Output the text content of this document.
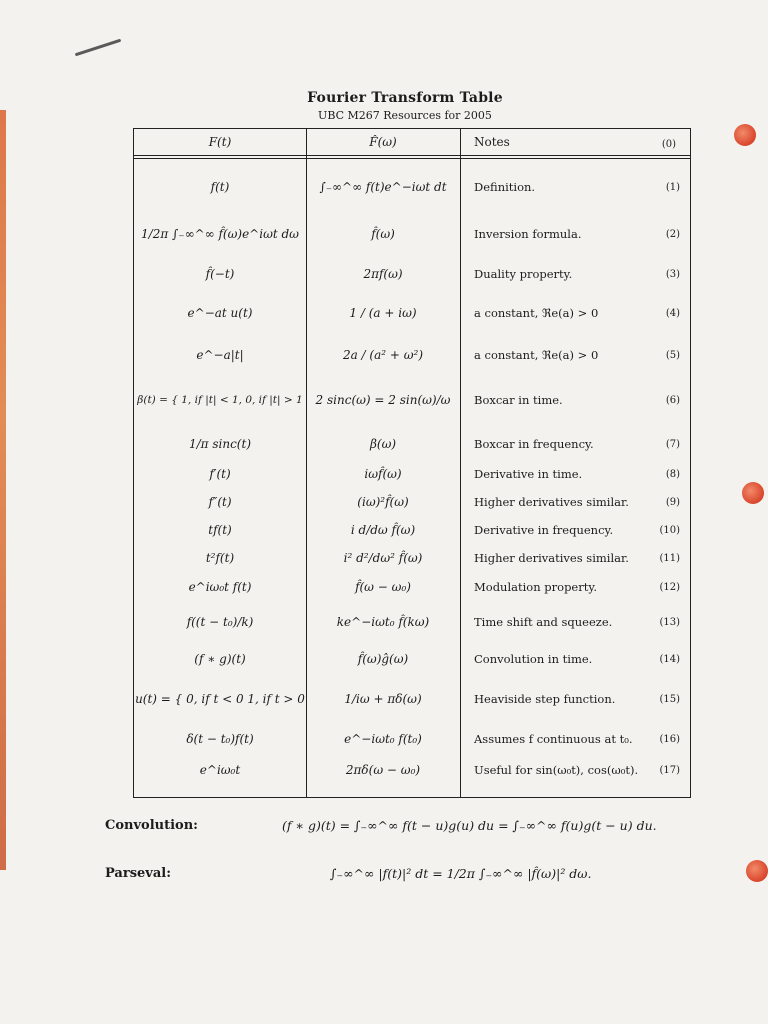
Fourier Transform Table
UBC M267 Resources for 2005
F(t)	F̂(ω)	Notes	(0)
f(t)	∫₋∞^∞ f(t)e^−iωt dt	Definition.	(1)
1/2π ∫₋∞^∞ f̂(ω)e^iωt dω	f̂(ω)	Inversion formula.	(2)
f̂(−t)	2πf(ω)	Duality property.	(3)
e^−at u(t)	1 / (a + iω)	a constant, ℜe(a) > 0	(4)
e^−a|t|	2a / (a² + ω²)	a constant, ℜe(a) > 0	(5)
β(t) = { 1, if |t| < 1, 0, if |t| > 1	2 sinc(ω) = 2 sin(ω)/ω	Boxcar in time.	(6)
1/π sinc(t)	β(ω)	Boxcar in frequency.	(7)
f′(t)	iωf̂(ω)	Derivative in time.	(8)
f″(t)	(iω)²f̂(ω)	Higher derivatives similar.	(9)
tf(t)	i d/dω f̂(ω)	Derivative in frequency.	(10)
t²f(t)	i² d²/dω² f̂(ω)	Higher derivatives similar.	(11)
e^iω₀t f(t)	f̂(ω − ω₀)	Modulation property.	(12)
f((t − t₀)/k)	ke^−iωt₀ f̂(kω)	Time shift and squeeze.	(13)
(f ∗ g)(t)	f̂(ω)ĝ(ω)	Convolution in time.	(14)
u(t) = { 0, if t < 0 1, if t > 0	1/iω + πδ(ω)	Heaviside step function.	(15)
δ(t − t₀)f(t)	e^−iωt₀ f(t₀)	Assumes f continuous at t₀.	(16)
e^iω₀t	2πδ(ω − ω₀)	Useful for sin(ω₀t), cos(ω₀t).	(17)
Convolution:	(f ∗ g)(t) = ∫₋∞^∞ f(t − u)g(u) du = ∫₋∞^∞ f(u)g(t − u) du.
Parseval:	∫₋∞^∞ |f(t)|² dt = 1/2π ∫₋∞^∞ |f̂(ω)|² dω.
